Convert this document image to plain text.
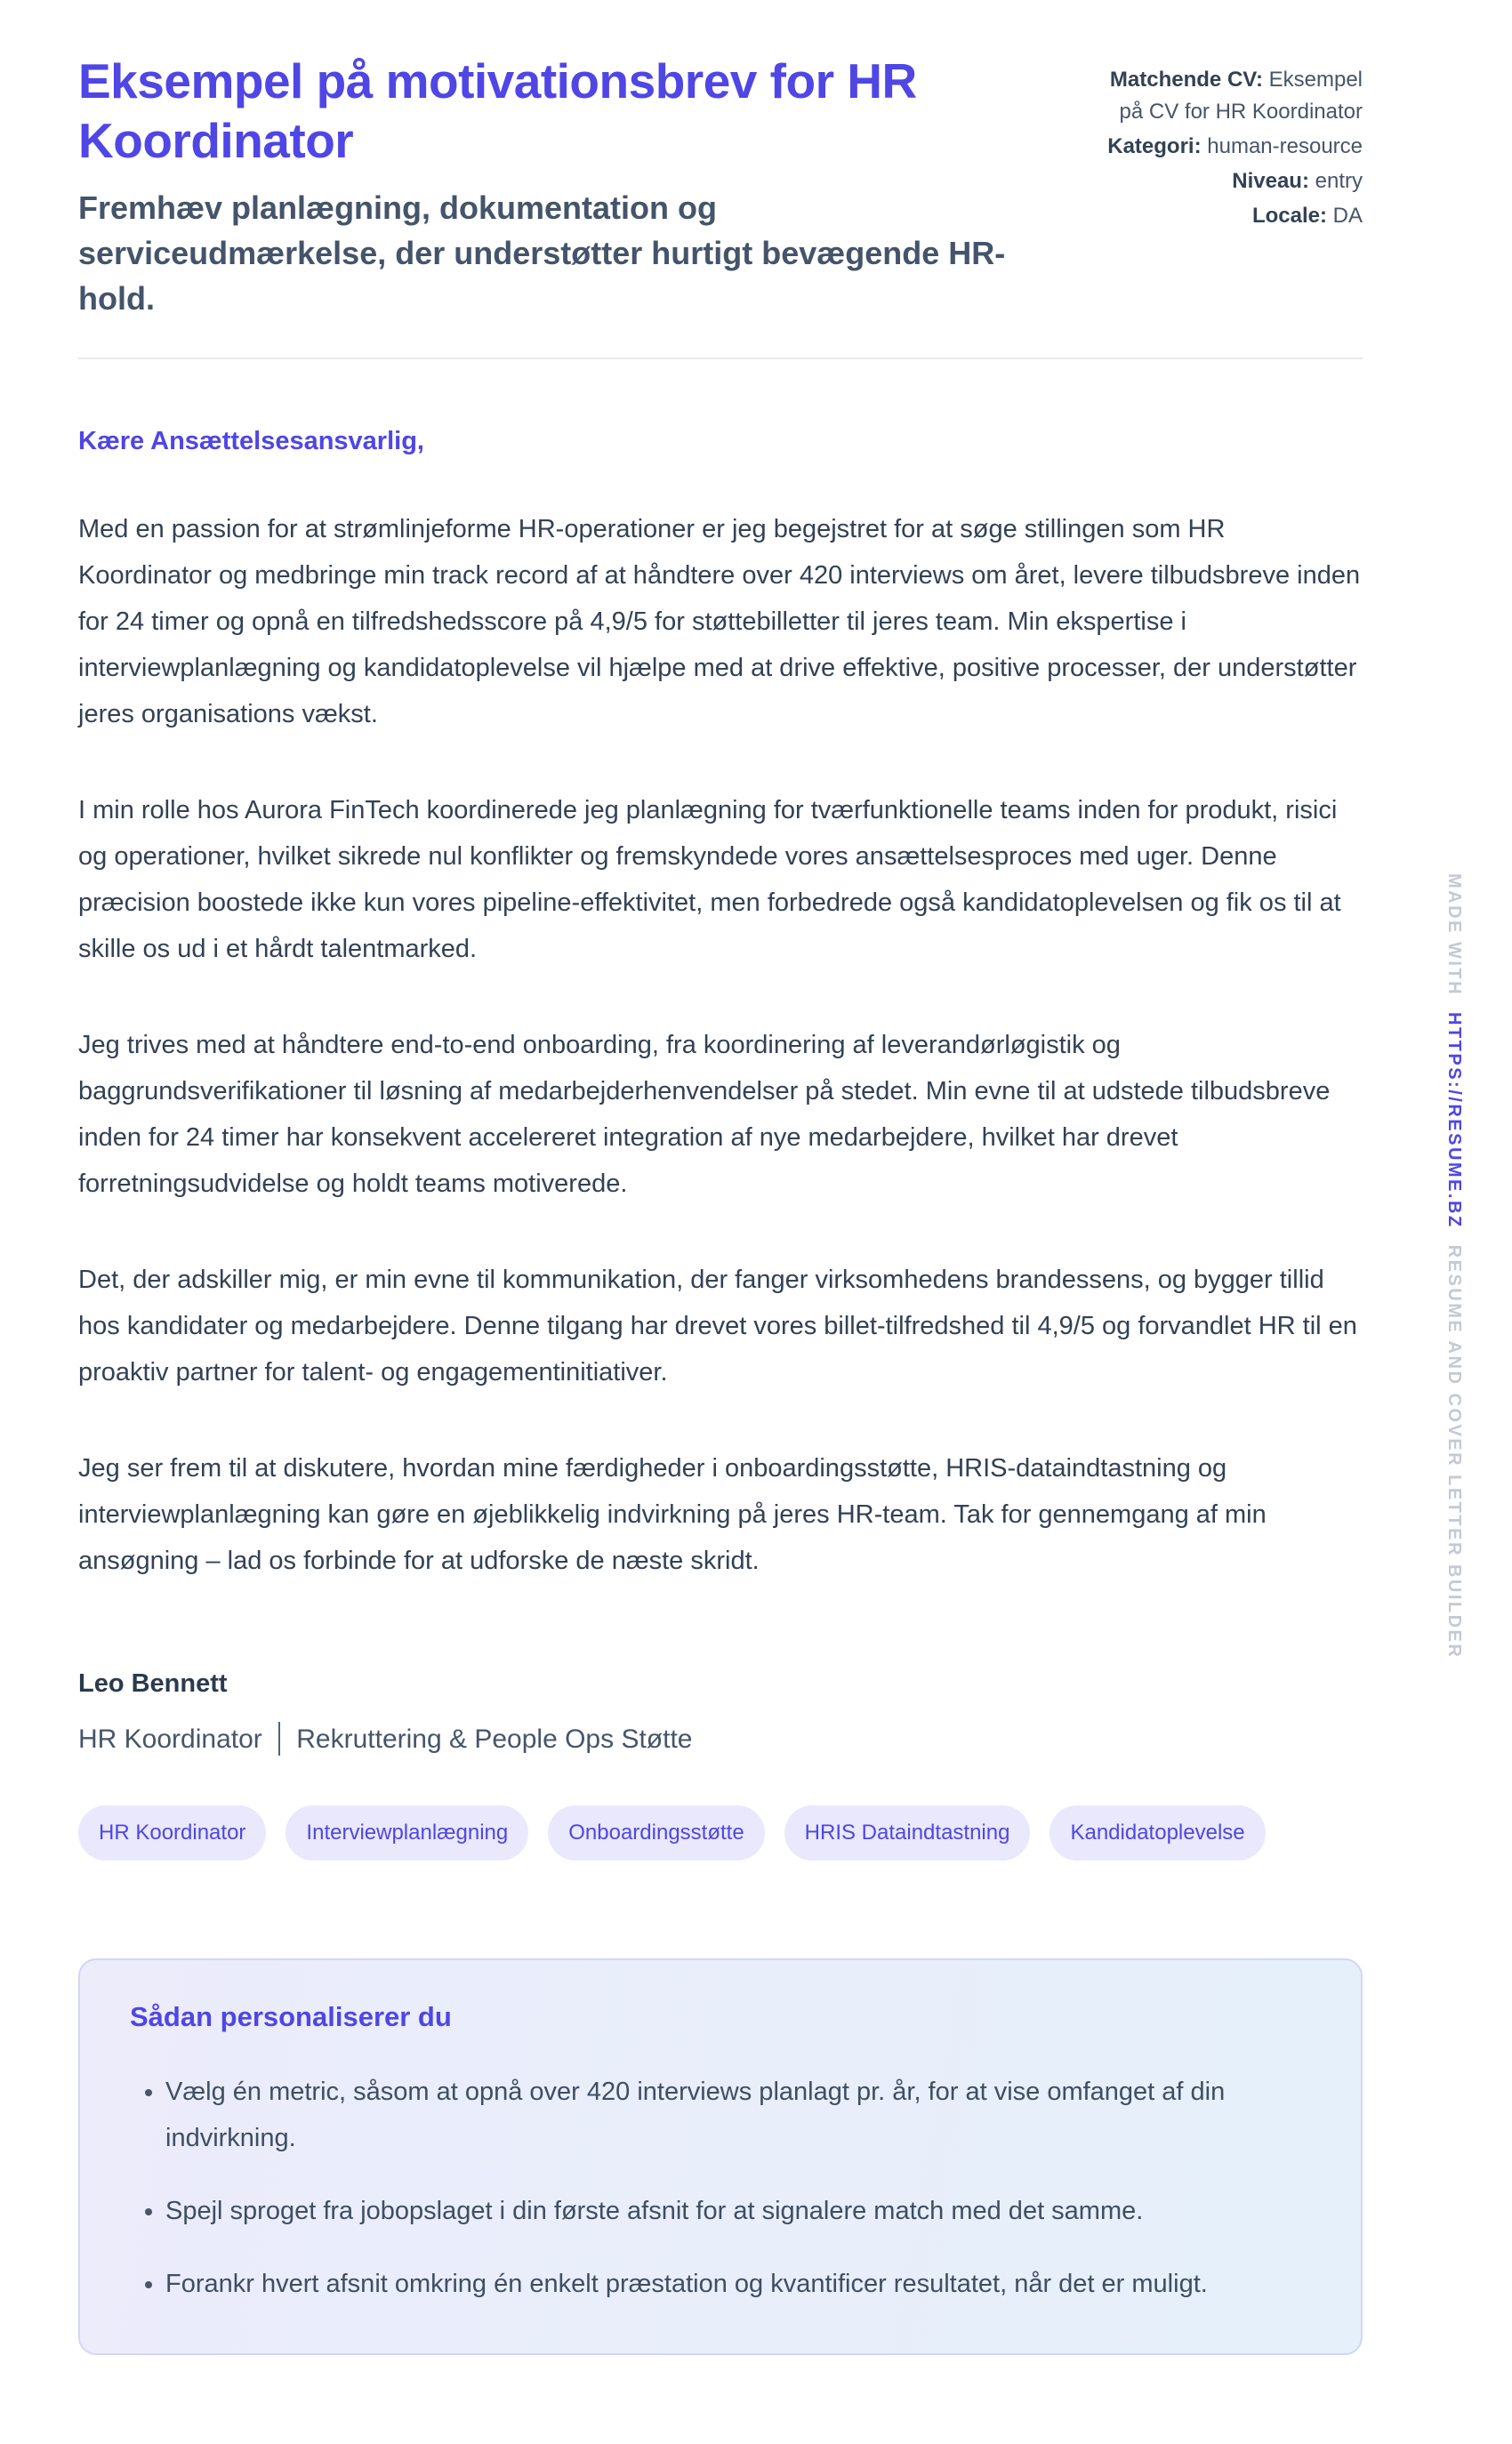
Eksempel på motivationsbrev for HR Koordinator
Fremhæv planlægning, dokumentation og serviceudmærkelse, der understøtter hurtigt bevægende HR-hold.
Matchende CV: Eksempel på CV for HR Koordinator
Kategori: human-resource
Niveau: entry
Locale: DA

Kære Ansættelsesansvarlig,

Med en passion for at strømlinjeforme HR-operationer er jeg begejstret for at søge stillingen som HR Koordinator og medbringe min track record af at håndtere over 420 interviews om året, levere tilbudsbreve inden for 24 timer og opnå en tilfredshedsscore på 4,9/5 for støttebilletter til jeres team. Min ekspertise i interviewplanlægning og kandidatoplevelse vil hjælpe med at drive effektive, positive processer, der understøtter jeres organisations vækst.

I min rolle hos Aurora FinTech koordinerede jeg planlægning for tværfunktionelle teams inden for produkt, risici og operationer, hvilket sikrede nul konflikter og fremskyndede vores ansættelsesproces med uger. Denne præcision boostede ikke kun vores pipeline-effektivitet, men forbedrede også kandidatoplevelsen og fik os til at skille os ud i et hårdt talentmarked.

Jeg trives med at håndtere end-to-end onboarding, fra koordinering af leverandørløgistik og baggrundsverifikationer til løsning af medarbejderhenvendelser på stedet. Min evne til at udstede tilbudsbreve inden for 24 timer har konsekvent accelereret integration af nye medarbejdere, hvilket har drevet forretningsudvidelse og holdt teams motiverede.

Det, der adskiller mig, er min evne til kommunikation, der fanger virksomhedens brandessens, og bygger tillid hos kandidater og medarbejdere. Denne tilgang har drevet vores billet-tilfredshed til 4,9/5 og forvandlet HR til en proaktiv partner for talent- og engagementinitiativer.

Jeg ser frem til at diskutere, hvordan mine færdigheder i onboardingsstøtte, HRIS-dataindtastning og interviewplanlægning kan gøre en øjeblikkelig indvirkning på jeres HR-team. Tak for gennemgang af min ansøgning – lad os forbinde for at udforske de næste skridt.

Leo Bennett

HR Koordinator Rekruttering & People Ops Støtte

HR Koordinator	Interviewplanlægning	Onboardingsstøtte	HRIS Dataindtastning	Kandidatoplevelse
Sådan personaliserer du
• Vælg én metric, såsom at opnå over 420 interviews planlagt pr. år, for at vise omfanget af din indvirkning.
• Spejl sproget fra jobopslaget i din første afsnit for at signalere match med det samme.
• Forankr hvert afsnit omkring én enkelt præstation og kvantificer resultatet, når det er muligt.
MADE WITHHTTPS://RESUME.BZRESUME AND COVER LETTER BUILDER
